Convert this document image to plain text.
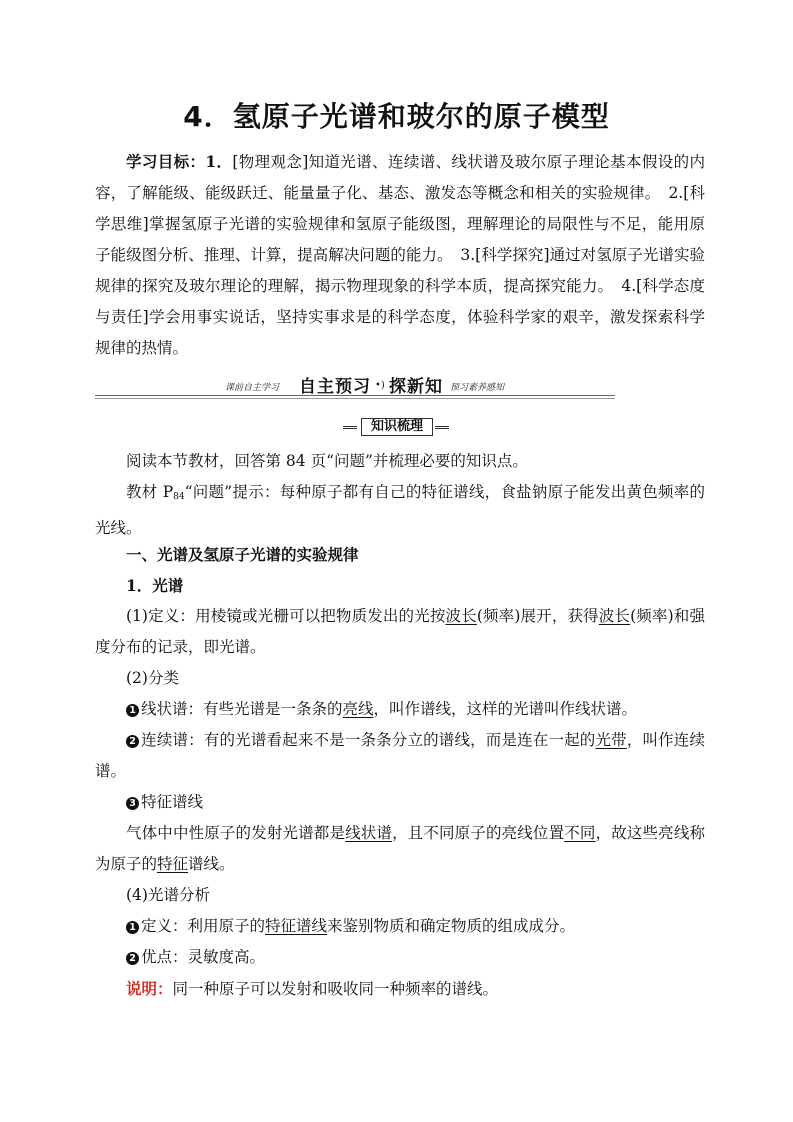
4．氢原子光谱和玻尔的原子模型

学习目标：1．[物理观念]知道光谱、连续谱、线状谱及玻尔原子理论基本假设的内容，了解能级、能级跃迁、能量量子化、基态、激发态等概念和相关的实验规律。　2.[科学思维]掌握氢原子光谱的实验规律和氢原子能级图，理解理论的局限性与不足，能用原子能级图分析、推理、计算，提高解决问题的能力。　3.[科学探究]通过对氢原子光谱实验规律的探究及玻尔理论的理解，揭示物理现象的科学本质，提高探究能力。　4.[科学态度与责任]学会用事实说话，坚持实事求是的科学态度，体验科学家的艰辛，激发探索科学规律的热情。

课前自主学习 自主预习 •) 探新知 预习素养感知
知识梳理

阅读本节教材，回答第 84 页“问题”并梳理必要的知识点。

教材 $P_{84}“$问题”提示：每种原子都有自己的特征谱线，食盐钠原子能发出黄色频率的光线。

一、光谱及氢原子光谱的实验规律

1．光谱

(1)定义：用棱镜或光栅可以把物质发出的光按波长(频率)展开，获得波长(频率)和强度分布的记录，即光谱。

(2)分类

1 线状谱：有些光谱是一条条的亮线，叫作谱线，这样的光谱叫作线状谱。

2 连续谱：有的光谱看起来不是一条条分立的谱线，而是连在一起的光带，叫作连续谱。

3 特征谱线

气体中中性原子的发射光谱都是线状谱，且不同原子的亮线位置不同，故这些亮线称为原子的特征谱线。

(4)光谱分析

1 定义：利用原子的特征谱线来鉴别物质和确定物质的组成成分。

2 优点：灵敏度高。

说明：同一种原子可以发射和吸收同一种频率的谱线。
